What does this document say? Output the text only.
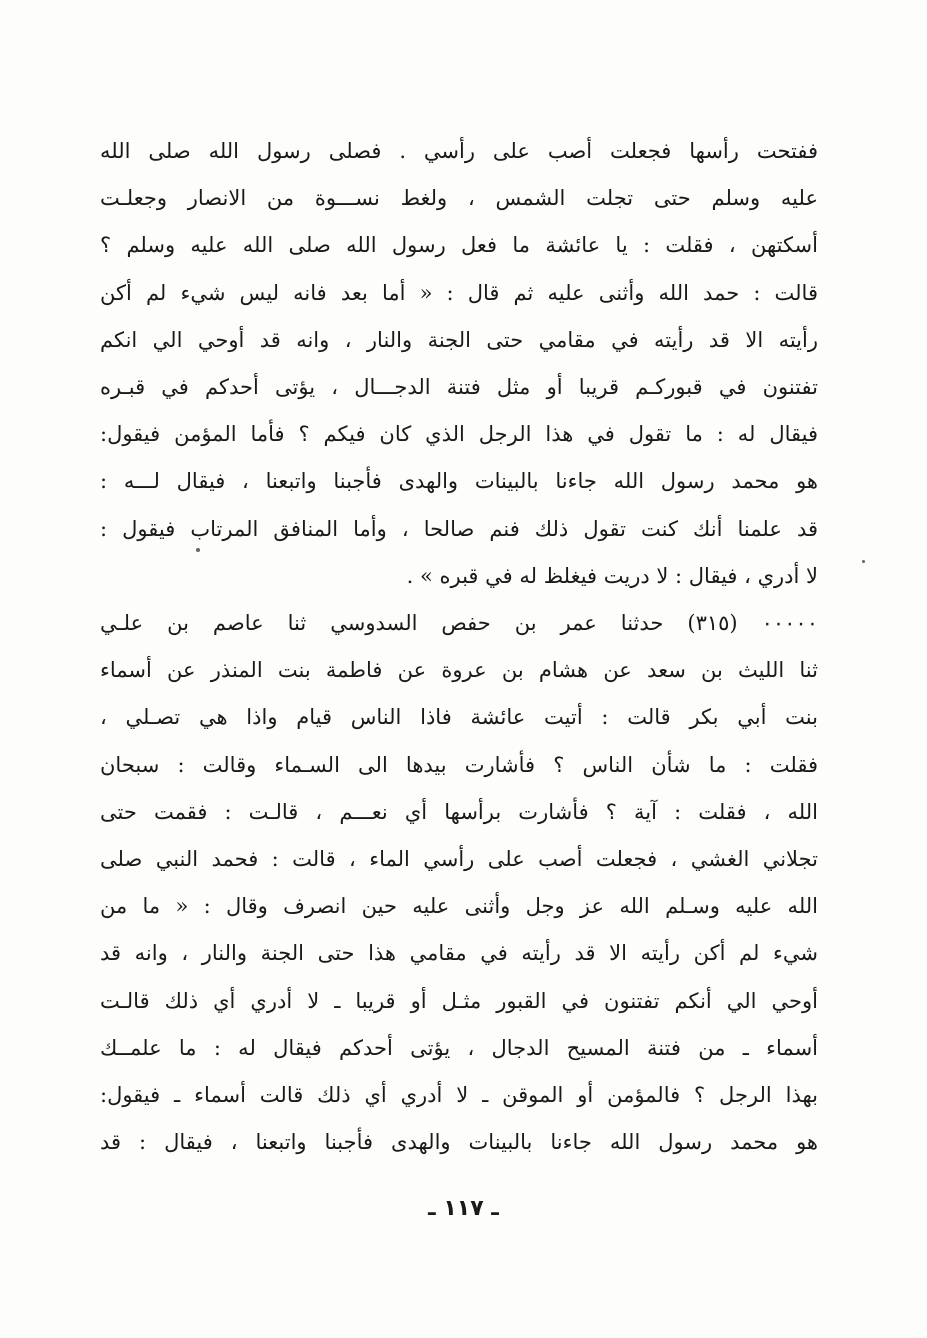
ففتحت رأسها فجعلت أصب على رأسي . فصلى رسول الله صلى الله
عليه وسلم حتى تجلت الشمس ، ولغط نســـوة من الانصار وجعلـت
أسكتهن ، فقلت : يا عائشة ما فعل رسول الله صلى الله عليه وسلم ؟
قالت : حمد الله وأثنى عليه ثم قال : « أما بعد فانه ليس شيء لم أكن
رأيته الا قد رأيته في مقامي حتى الجنة والنار ، وانه قد أوحي الي انكم
تفتنون في قبوركـم قريبا أو مثل فتنة الدجـــال ، يؤتى أحدكم في قبـره
فيقال له : ما تقول في هذا الرجل الذي كان فيكم ؟ فأما المؤمن فيقول:
هو محمد رسول الله جاءنا بالبينات والهدى فأجبنا واتبعنا ، فيقال لـــه :
قد علمنا أنك كنت تقول ذلك فنم صالحا ، وأما المنافق المرتاب فيقول :
لا أدري ، فيقال : لا دريت فيغلظ له في قبره » .
٠٠٠٠٠ (٣١٥) حدثنا عمر بن حفص السدوسي ثنا عاصم بن علـي
ثنا الليث بن سعد عن هشام بن عروة عن فاطمة بنت المنذر عن أسماء
بنت أبي بكر قالت : أتيت عائشة فاذا الناس قيام واذا هي تصـلي ،
فقلت : ما شأن الناس ؟ فأشارت بيدها الى السـماء وقالت : سبحان
الله ، فقلت : آية ؟ فأشارت برأسها أي نعـــم ، قالـت : فقمت حتى
تجلاني الغشي ، فجعلت أصب على رأسي الماء ، قالت : فحمد النبي صلى
الله عليه وسـلم الله عز وجل وأثنى عليه حين انصرف وقال : « ما من
شيء لم أكن رأيته الا قد رأيته في مقامي هذا حتى الجنة والنار ، وانه قد
أوحي الي أنكم تفتنون في القبور مثـل أو قريبا ـ لا أدري أي ذلك قالـت
أسماء ـ من فتنة المسيح الدجال ، يؤتى أحدكم فيقال له : ما علمــك
بهذا الرجل ؟ فالمؤمن أو الموقن ـ لا أدري أي ذلك قالت أسماء ـ فيقول:
هو محمد رسول الله جاءنا بالبينات والهدى فأجبنا واتبعنا ، فيقال : قد
ـ ١١٧ ـ
